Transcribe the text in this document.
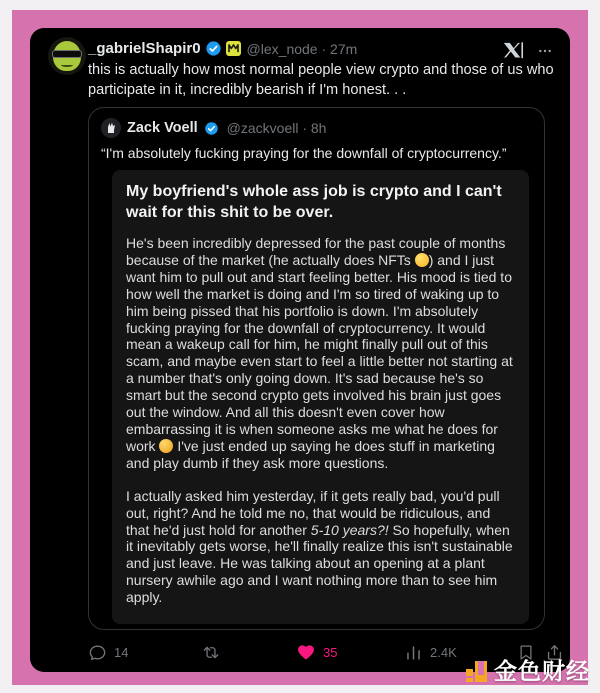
_gabrielShapir0	@lex_node · 27m
this is actually how most normal people view crypto and those of us who participate in it, incredibly bearish if I'm honest. . .
Zack Voell @zackvoell · 8h
“I'm absolutely fucking praying for the downfall of cryptocurrency.”
My boyfriend's whole ass job is crypto and I can't wait for this shit to be over.

He's been incredibly depressed for the past couple of months because of the market (he actually does NFTs ) and I just want him to pull out and start feeling better. His mood is tied to how well the market is doing and I'm so tired of waking up to him being pissed that his portfolio is down. I'm absolutely fucking praying for the downfall of cryptocurrency. It would mean a wakeup call for him, he might finally pull out of this scam, and maybe even start to feel a little better not starting at a number that's only going down. It's sad because he's so smart but the second crypto gets involved his brain just goes out the window. And all this doesn't even cover how embarrassing it is when someone asks me what he does for work  I've just ended up saying he does stuff in marketing and play dumb if they ask more questions.

I actually asked him yesterday, if it gets really bad, you'd pull out, right? And he told me no, that would be ridiculous, and that he'd just hold for another 5-10 years?! So hopefully, when it inevitably gets worse, he'll finally realize this isn't sustainable and just leave. He was talking about an opening at a plant nursery awhile ago and I want nothing more than to see him apply.

14	35	2.4K
金色财经
